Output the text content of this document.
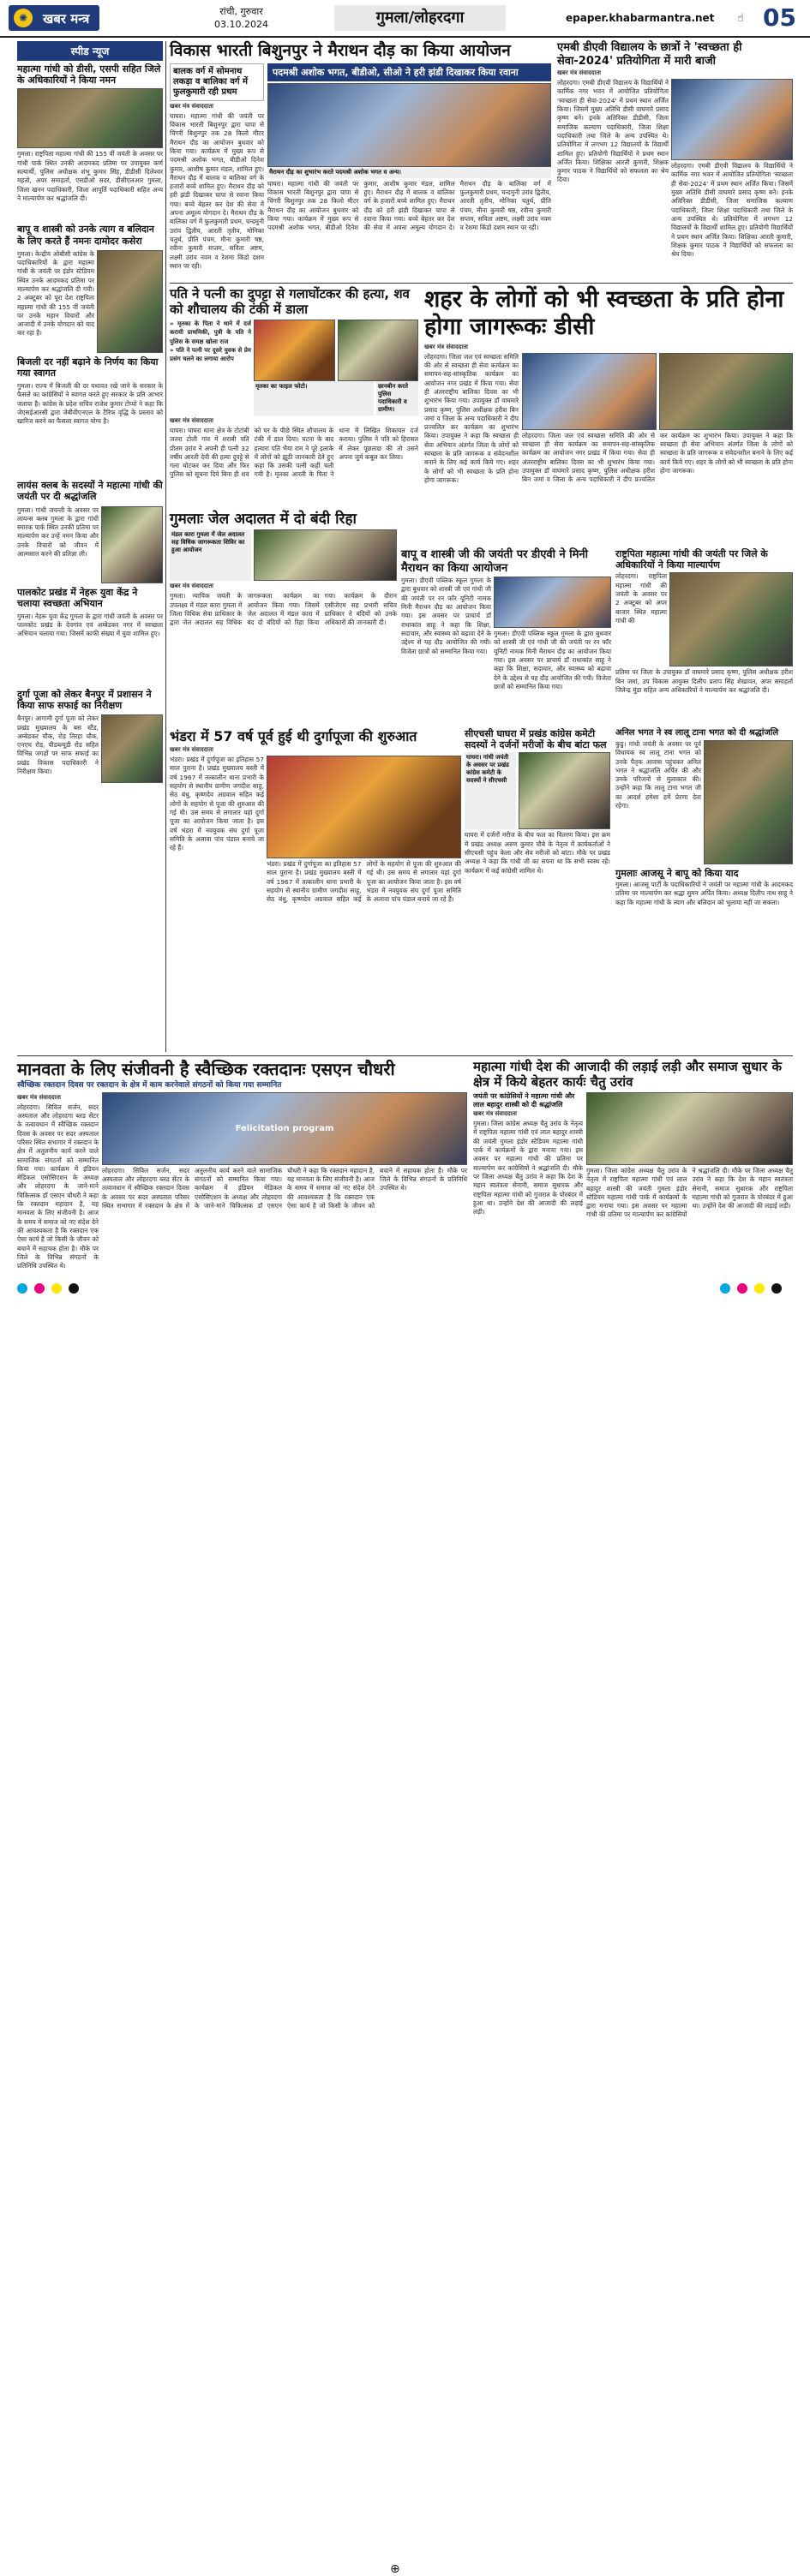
✺	खबर मन्त्र	रांची, गुरुवार
03.10.2024	गुमला/लोहरदगा	epaper.khabarmantra.net ☝ 05
स्पीड न्यूज
महात्मा गांधी को डीसी, एसपी सहित जिले के अधिकारियों ने किया नमन
गुमला। राष्ट्रपिता महात्मा गांधी की 155 वीं जयंती के अवसर पर गांधी पार्क स्थित उनकी आदमकद प्रतिमा पर उपायुक्त कर्ण सत्यार्थी, पुलिस अधीक्षक शंभू कुमार सिंह, डीडीसी दिलेश्वर महतो, अपर समाहर्ता, एसडीओ सदर, डीसीएलआर गुमला, जिला खनन पदाधिकारी, जिला आपूर्ति पदाधिकारी सहित अन्य ने माल्यार्पण कर श्रद्धांजलि दी।
बापू व शास्त्री को उनके त्याग व बलिदान के लिए करते हैं नमनः दामोदर कसेरा
गुमला। केन्द्रीय ओबीसी कांग्रेस के पदाधिकारियों के द्वारा महात्मा गांधी के जयंती पर इंडोर स्टेडियम स्थित उनके आदमकद प्रतिमा पर माल्यार्पण कर श्रद्धांजलि दी गयी। 2 अक्टूबर को पूरा देश राष्ट्रपिता महात्मा गांधी की 155 वीं जयंती पर उनके महान विचारों और आजादी में उनके योगदान को याद कर रहा है।
बिजली दर नहीं बढ़ाने के निर्णय का किया गया स्वागत
गुमला। राज्य में बिजली की दर यथावत रखे जाने के सरकार के फैसले का कांग्रेसियों ने स्वागत करते हुए सरकार के प्रति आभार जताया है। कांग्रेस के प्रदेश सचिव राजेश कुमार टोप्पो ने कहा कि जेएसईआरसी द्वारा जेबीवीएनएल के टैरिफ वृद्धि के प्रस्ताव को खारिज करने का फैसला स्वागत योग्य है।
लायंस क्लब के सदस्यों ने महात्मा गांधी की जयंती पर दी श्रद्धांजलि
गुमला। गांधी जयन्ती के अवसर पर लायन्स क्लब गुमला के द्वारा गांधी स्मारक पार्क स्थित उनकी प्रतिमा पर माल्यार्पण कर उन्हें नमन किया और उनके विचारों को जीवन में आत्मसात करने की प्रतिज्ञा ली।
पालकोट प्रखंड में नेहरू युवा केंद्र ने चलाया स्वच्छता अभियान
गुमला। नेहरू युवा केंद्र गुमला के द्वारा गांधी जयंती के अवसर पर पालकोट प्रखंड के देवगांव एवं अम्बेडकर नगर में स्वच्छता अभियान चलाया गया। जिसमें काफी संख्या में युवा शामिल हुए।
दुर्गा पूजा को लेकर बैनपुर में प्रशासन ने किया साफ सफाई का निरीक्षण
बैनपुर। आगामी दुर्गा पूजा को लेकर प्रखंड मुख्यालय के बस स्टैंड, अम्बेडकर चौक, रोड़ तिरहा चौक, एनएच रोड़, पीडब्ल्यूडी रोड सहित विभिन्न जगहों पर साफ सफाई का प्रखंड विकास पदाधिकारी ने निरीक्षण किया।
विकास भारती बिशुनपुर ने मैराथन दौड़ का किया आयोजन
बालक वर्ग में सोमनाथ लकड़ा व बालिका वर्ग में फुलकुमारी रही प्रथम
खबर मंत्र संवाददाता
घाघरा। महात्मा गांधी की जयंती पर विकास भारती बिशुनपुर द्वारा चापा से चिंगरी बिशुनपुर तक 28 किलो मीटर मैराथन दौड़ का आयोजन बुधवार को किया गया। कार्यक्रम में मुख्य रूप से पदमश्री अशोक भगत, बीडीओ दिनेश कुमार, आशीष कुमार मंडल, शामिल हुए। मैराथन दौड़ में बालक व बालिका वर्ग के हजारों बच्चे शामिल हुए। मैराथन दौड़ को हरी झंडी दिखाकर चापा से रवाना किया गया। बच्चे बेहतर कर देश की सेवा में अपना अमूल्य योगदान दे। मैराथन दौड़ के बालिका वर्ग में फुलकुमारी प्रथम, चन्दमुनी उरांव द्वितीय, आरती तृतीय, मोनिका चतुर्थ, प्रीति पंचम, मीना कुमारी षष्ठ, रवीना कुमारी सप्तम, सविता अष्टम, लक्ष्मी उरांव नवम व रेशमा किंडो दशम स्थान पर रही।
पदमश्री अशोक भगत, बीडीओ, सीओ ने हरी झंडी दिखाकर किया रवाना
मैराथन दौड़ का शुभारंभ करते पदमश्री अशोक भगत व अन्य।
घाघरा। महात्मा गांधी की जयंती पर विकास भारती बिशुनपुर द्वारा चापा से चिंगरी बिशुनपुर तक 28 किलो मीटर मैराथन दौड़ का आयोजन बुधवार को किया गया। कार्यक्रम में मुख्य रूप से पदमश्री अशोक भगत, बीडीओ दिनेश कुमार, आशीष कुमार मंडल, शामिल हुए। मैराथन दौड़ में बालक व बालिका वर्ग के हजारों बच्चे शामिल हुए। मैराथन दौड़ को हरी झंडी दिखाकर चापा से रवाना किया गया। बच्चे बेहतर कर देश की सेवा में अपना अमूल्य योगदान दे। मैराथन दौड़ के बालिका वर्ग में फुलकुमारी प्रथम, चन्दमुनी उरांव द्वितीय, आरती तृतीय, मोनिका चतुर्थ, प्रीति पंचम, मीना कुमारी षष्ठ, रवीना कुमारी सप्तम, सविता अष्टम, लक्ष्मी उरांव नवम व रेशमा किंडो दशम स्थान पर रही।
एमबी डीएवी विद्यालय के छात्रों ने 'स्वच्छता ही सेवा-2024' प्रतियोगिता में मारी बाजी
खबर मंत्र संवाददाता
लोहरदगा। एमबी डीएवी विद्यालय के विद्यार्थियों ने कार्मिक नगर भवन में आयोजित प्रतियोगिता 'स्वच्छता ही सेवा-2024' में प्रथम स्थान अर्जित किया। जिसमें मुख्य अतिथि डीसी वाघमारे प्रसाद कृष्ण बने। इनके अतिरिक्त डीडीसी, जिला समाजिक कल्याण पदाधिकारी, जिला शिक्षा पदाधिकारी तथा जिले के अन्य उपस्थित थे। प्रतियोगिता में लगभग 12 विद्यालयों के विद्यार्थी शामिल हुए। प्रतियोगी विद्यार्थियों ने प्रथम स्थान अर्जित किया। शिक्षिका आरती कुमारी, शिक्षक कुमार पाठक ने विद्यार्थियों को सफलता का श्रेय दिया।
लोहरदगा। एमबी डीएवी विद्यालय के विद्यार्थियों ने कार्मिक नगर भवन में आयोजित प्रतियोगिता 'स्वच्छता ही सेवा-2024' में प्रथम स्थान अर्जित किया। जिसमें मुख्य अतिथि डीसी वाघमारे प्रसाद कृष्ण बने। इनके अतिरिक्त डीडीसी, जिला समाजिक कल्याण पदाधिकारी, जिला शिक्षा पदाधिकारी तथा जिले के अन्य उपस्थित थे। प्रतियोगिता में लगभग 12 विद्यालयों के विद्यार्थी शामिल हुए। प्रतियोगी विद्यार्थियों ने प्रथम स्थान अर्जित किया। शिक्षिका आरती कुमारी, शिक्षक कुमार पाठक ने विद्यार्थियों को सफलता का श्रेय दिया।
पति ने पत्नी का दुपट्टा से गलाघोंटकर की हत्या, शव को शौचालय की टंकी में डाला
» मृतका के पिता ने थाने में दर्ज करायी प्राथमिकी, पुत्री के पति ने पुलिस के समक्ष खोला राज
» पति ने पत्नी पर दूसरे युवक से प्रेम प्रसंग चलने का लगाया आरोप
मृतका का फाइल फोटो।	छानबीन करते पुलिस पदाधिकारी व ग्रामीण।
खबर मंत्र संवाददाता
घाघरा। घाघरा थाना क्षेत्र के टोटांबी जतरा टोली गांव में शराबी पति प्रीतम उरांव ने अपनी ही पत्नी 32 वर्षीय आरती देवी की हत्या दुपट्टे से गला घोटकर कर दिया और फिर पुलिस को सूचना दिये बिना ही शव को घर के पीछे स्थित शौचालय के टंकी में डाल दिया। घटना के बाद हत्यारा पति भैया राम ने पूरे इलाके में लोगों को झूठी जानकारी देते हुए कहा कि उसकी पत्नी कहीं चली गयी है। मृतका आरती के पिता ने थाना में लिखित शिकायत दर्ज कराया। पुलिस ने पति को हिरासत में लेकर पूछताछ की तो उसने अपना जुर्म कबूल कर लिया।
शहर के लोगों को भी स्वच्छता के प्रति होना होगा जागरूकः डीसी
खबर मंत्र संवाददाता
लोहरदगा। जिला जल एवं स्वच्छता समिति की ओर से स्वच्छता ही सेवा कार्यक्रम का समापन-सह-सांस्कृतिक कार्यक्रम का आयोजन नगर प्रखंड में किया गया। सेवा ही अंतरराष्ट्रीय बालिका दिवस का भी शुभारंभ किया गया। उपायुक्त डॉ वाघमारे प्रसाद कृष्ण, पुलिस अधीक्षक हरीश बिन जमां व जिला के अन्य पदाधिकारी ने दीप प्रज्वलित कर कार्यक्रम का शुभारंभ किया। उपायुक्त ने कहा कि स्वच्छता ही सेवा अभियान अंतर्गत जिला के लोगों को स्वच्छता के प्रति जागरूक व संवेदनशील बनाने के लिए कई कार्य किये गए। शहर के लोगों को भी स्वच्छता के प्रति होना होगा जागरूक।
लोहरदगा। जिला जल एवं स्वच्छता समिति की ओर से स्वच्छता ही सेवा कार्यक्रम का समापन-सह-सांस्कृतिक कार्यक्रम का आयोजन नगर प्रखंड में किया गया। सेवा ही अंतरराष्ट्रीय बालिका दिवस का भी शुभारंभ किया गया। उपायुक्त डॉ वाघमारे प्रसाद कृष्ण, पुलिस अधीक्षक हरीश बिन जमां व जिला के अन्य पदाधिकारी ने दीप प्रज्वलित कर कार्यक्रम का शुभारंभ किया। उपायुक्त ने कहा कि स्वच्छता ही सेवा अभियान अंतर्गत जिला के लोगों को स्वच्छता के प्रति जागरूक व संवेदनशील बनाने के लिए कई कार्य किये गए। शहर के लोगों को भी स्वच्छता के प्रति होना होगा जागरूक।
गुमलाः जेल अदालत में दो बंदी रिहा
मंडल कारा गुमला में जेल अदालत सह विधिक जागरूकता शिविर का हुआ आयोजन
खबर मंत्र संवाददाता
गुमला। न्यायिक जयंती के उपलक्ष्य में मंडल कारा गुमला में जिला विधिक सेवा प्राधिकार के द्वारा जेल अदालत सह विधिक जागरूकता कार्यक्रम का आयोजन किया गया। जिसमें जेल अदालत में मंडल कारा में बंद दो बंदियों को रिहा किया गया। कार्यक्रम के दौरान एसीजेएम सह प्रभारी सचिव प्राधिकार ने बंदियों को उनके अधिकारों की जानकारी दी।
बापू व शास्त्री जी की जयंती पर डीएवी ने मिनी मैराथन का किया आयोजन
गुमला। डीएवी पब्लिक स्कूल गुमला के द्वारा बुधवार को शास्त्री जी एवं गांधी जी की जयंती पर रन फॉर यूनिटी नामक मिनी मैराथन दौड़ का आयोजन किया गया। इस अवसर पर प्राचार्य डॉ राधाकांत साहू ने कहा कि शिक्षा, सदाचार, और स्वास्थ्य को बढ़ावा देने के उद्देश्य से यह दौड़ आयोजित की गयी। विजेता छात्रों को सम्मानित किया गया।
गुमला। डीएवी पब्लिक स्कूल गुमला के द्वारा बुधवार को शास्त्री जी एवं गांधी जी की जयंती पर रन फॉर यूनिटी नामक मिनी मैराथन दौड़ का आयोजन किया गया। इस अवसर पर प्राचार्य डॉ राधाकांत साहू ने कहा कि शिक्षा, सदाचार, और स्वास्थ्य को बढ़ावा देने के उद्देश्य से यह दौड़ आयोजित की गयी। विजेता छात्रों को सम्मानित किया गया।
राष्ट्रपिता महात्मा गांधी की जयंती पर जिले के अधिकारियों ने किया माल्यार्पण
लोहरदगा। राष्ट्रपिता महात्मा गांधी की जयंती के अवसर पर 2 अक्टूबर को अपर बाजार स्थित महात्मा गांधी की
प्रतिमा पर जिला के उपायुक्त डॉ वाघमारे प्रसाद कृष्ण, पुलिस अधीक्षक हरीश बिन जमां, उप विकास आयुक्त दिलीप प्रताप सिंह शेखावत, अपर समाहर्ता जितेन्द्र मुंडा सहित अन्य अधिकारियों ने माल्यार्पण कर श्रद्धांजलि दी।
भंडरा में 57 वर्ष पूर्व हुई थी दुर्गापूजा की शुरुआत
खबर मंत्र संवाददाता
भंडरा। प्रखंड में दुर्गापूजा का इतिहास 57 साल पुराना है। प्रखंड मुख्यालय बस्ती में वर्ष 1967 में तत्कालीन थाना प्रभारी के सहयोग से स्थानीय ग्रामीण जगदीश साहू, सेठ बंधु, कृष्णदेव अग्रवाल सहित कई लोगों के सहयोग से पूजा की शुरुआत की गई थी। उस समय से लगातार यहां दुर्गा पूजा का आयोजन किया जाता है। इस वर्ष भंडरा में नवयुवक संघ दुर्गा पूजा समिति के अलावा पांच पंडाल बनाये जा रहे हैं।
भंडरा। प्रखंड में दुर्गापूजा का इतिहास 57 साल पुराना है। प्रखंड मुख्यालय बस्ती में वर्ष 1967 में तत्कालीन थाना प्रभारी के सहयोग से स्थानीय ग्रामीण जगदीश साहू, सेठ बंधु, कृष्णदेव अग्रवाल सहित कई लोगों के सहयोग से पूजा की शुरुआत की गई थी। उस समय से लगातार यहां दुर्गा पूजा का आयोजन किया जाता है। इस वर्ष भंडरा में नवयुवक संघ दुर्गा पूजा समिति के अलावा पांच पंडाल बनाये जा रहे हैं।
सीएचसी घाघरा में प्रखंड कांग्रेस कमेटी सदस्यों ने दर्जनों मरीजों के बीच बांटा फल
घाघरा। गांधी जयंती के अवसर पर प्रखंड कांग्रेस कमेटी के सदस्यों ने सीएचसी
घाघरा में दर्जनों मरीज के बीच फल का वितरण किया। इस क्रम में प्रखंड अध्यक्ष अरुण कुमार चौबे के नेतृत्व में कार्यकर्ताओं ने सीएचसी पहुंच केला और सेव मरीजों को बांटा। मौके पर प्रखंड अध्यक्ष ने कहा कि गांधी जी का सपना था कि सभी स्वस्थ रहें। कार्यक्रम में कई कांग्रेसी शामिल थे।
अनिल भगत ने स्व लालू टाना भगत को दी श्रद्धांजलि
कुडु। गांधी जयंती के अवसर पर पूर्व विधायक स्व लालू टाना भगत को उनके पैतृक आवास पहुंचकर अनिल भगत ने श्रद्धांजलि अर्पित की और उनके परिजनों से मुलाकात की। उन्होंने कहा कि लालू टाना भगत जी का आदर्श हमेशा हमें प्रेरणा देता रहेगा।
गुमलाः आजसू ने बापू को किया याद
गुमला। आजसू पार्टी के पदाधिकारियों ने जयंती पर महात्मा गांधी के आदमकद प्रतिमा पर माल्यार्पण कर श्रद्धा सुमन अर्पित किया। अध्यक्ष दिलीप नाथ साहू ने कहा कि महात्मा गांधी के त्याग और बलिदान को भुलाया नहीं जा सकता।
मानवता के लिए संजीवनी है स्वैच्छिक रक्तदानः एसएन चौधरी
स्वैच्छिक रक्तदान दिवस पर रक्तदान के क्षेत्र में काम करनेवाले संगठनों को किया गया सम्मानित
खबर मंत्र संवाददाता
लोहरदगा। सिविल सर्जन, सदर अस्पताल और लोहरदगा ब्लड सेंटर के तत्वावधान में स्वैच्छिक रक्तदान दिवस के अवसर पर सदर अस्पताल परिसर स्थित सभागार में रक्तदान के क्षेत्र में अतुलनीय कार्य करने वाले सामाजिक संगठनों को सम्मानित किया गया। कार्यक्रम में इंडियन मेडिकल एसोसिएशन के अध्यक्ष और लोहरदगा के जाने-माने चिकित्सक डॉ एसएन चौधरी ने कहा कि रक्तदान महादान है, यह मानवता के लिए संजीवनी है। आज के समय में समाज को नए संदेश देने की आवश्यकता है कि रक्तदान एक ऐसा कार्य है जो किसी के जीवन को बचाने में सहायक होता है। मौके पर जिले के विभिन्न संगठनों के प्रतिनिधि उपस्थित थे।
Felicitation program
लोहरदगा। सिविल सर्जन, सदर अस्पताल और लोहरदगा ब्लड सेंटर के तत्वावधान में स्वैच्छिक रक्तदान दिवस के अवसर पर सदर अस्पताल परिसर स्थित सभागार में रक्तदान के क्षेत्र में अतुलनीय कार्य करने वाले सामाजिक संगठनों को सम्मानित किया गया। कार्यक्रम में इंडियन मेडिकल एसोसिएशन के अध्यक्ष और लोहरदगा के जाने-माने चिकित्सक डॉ एसएन चौधरी ने कहा कि रक्तदान महादान है, यह मानवता के लिए संजीवनी है। आज के समय में समाज को नए संदेश देने की आवश्यकता है कि रक्तदान एक ऐसा कार्य है जो किसी के जीवन को बचाने में सहायक होता है। मौके पर जिले के विभिन्न संगठनों के प्रतिनिधि उपस्थित थे।
महात्मा गांधी देश की आजादी की लड़ाई लड़ी और समाज सुधार के क्षेत्र में किये बेहतर कार्यः चैतु उरांव
जयंती पर कांग्रेसियों ने महात्मा गांधी और लाल बहादुर शास्त्री को दी श्रद्धांजलि
खबर मंत्र संवाददाता
गुमला। जिला कांग्रेस अध्यक्ष चैतु उरांव के नेतृत्व में राष्ट्रपिता महात्मा गांधी एवं लाल बहादुर शास्त्री की जयंती गुमला इंडोर स्टेडियम महात्मा गांधी पार्क में कार्यक्रमों के द्वारा मनाया गया। इस अवसर पर महात्मा गांधी की प्रतिमा पर माल्यार्पण कर कांग्रेसियों ने श्रद्धांजलि दी। मौके पर जिला अध्यक्ष चैतु उरांव ने कहा कि देश के महान स्वतंत्रता सेनानी, समाज सुधारक और राष्ट्रपिता महात्मा गांधी को गुजरात के पोरबंदर में हुआ था। उन्होंने देश की आजादी की लड़ाई लड़ी।
गुमला। जिला कांग्रेस अध्यक्ष चैतु उरांव के नेतृत्व में राष्ट्रपिता महात्मा गांधी एवं लाल बहादुर शास्त्री की जयंती गुमला इंडोर स्टेडियम महात्मा गांधी पार्क में कार्यक्रमों के द्वारा मनाया गया। इस अवसर पर महात्मा गांधी की प्रतिमा पर माल्यार्पण कर कांग्रेसियों ने श्रद्धांजलि दी। मौके पर जिला अध्यक्ष चैतु उरांव ने कहा कि देश के महान स्वतंत्रता सेनानी, समाज सुधारक और राष्ट्रपिता महात्मा गांधी को गुजरात के पोरबंदर में हुआ था। उन्होंने देश की आजादी की लड़ाई लड़ी।
⊕
